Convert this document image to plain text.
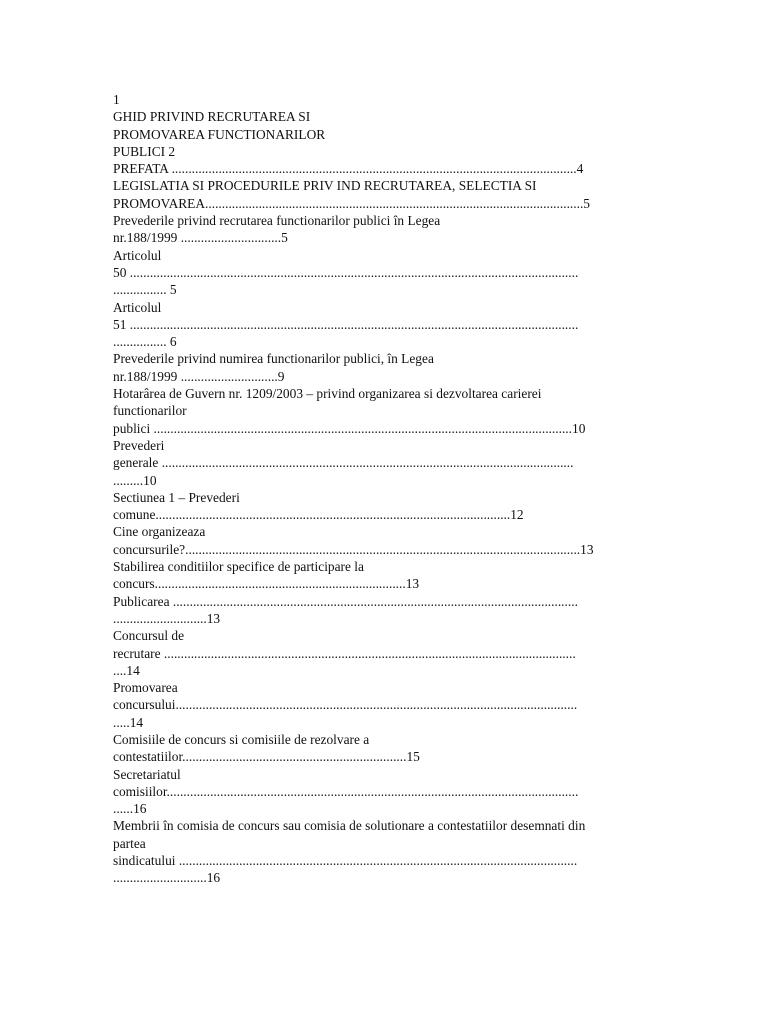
1
GHID PRIVIND RECRUTAREA SI
PROMOVAREA FUNCTIONARILOR
PUBLICI 2
PREFATA .........................................................................................................................4
LEGISLATIA SI PROCEDURILE PRIV IND RECRUTAREA, SELECTIA SI
PROMOVAREA.................................................................................................................5
Prevederile privind recrutarea functionarilor publici în Legea
nr.188/1999 ..............................5
Articolul
50 ......................................................................................................................................
................ 5
Articolul
51 ......................................................................................................................................
................ 6
Prevederile privind numirea functionarilor publici, în Legea
nr.188/1999 .............................9
Hotarârea de Guvern nr. 1209/2003 – privind organizarea si dezvoltarea carierei
functionarilor
publici .............................................................................................................................10
Prevederi
generale ...........................................................................................................................
.........10
Sectiunea 1 – Prevederi
comune..........................................................................................................12
Cine organizeaza
concursurile?......................................................................................................................13
Stabilirea conditiilor specifice de participare la
concurs...........................................................................13
Publicarea .........................................................................................................................
............................13
Concursul de
recrutare ...........................................................................................................................
....14
Promovarea
concursului........................................................................................................................
.....14
Comisiile de concurs si comisiile de rezolvare a
contestatiilor...................................................................15
Secretariatul
comisiilor...........................................................................................................................
......16
Membrii în comisia de concurs sau comisia de solutionare a contestatiilor desemnati din
partea
sindicatului .......................................................................................................................
............................16
